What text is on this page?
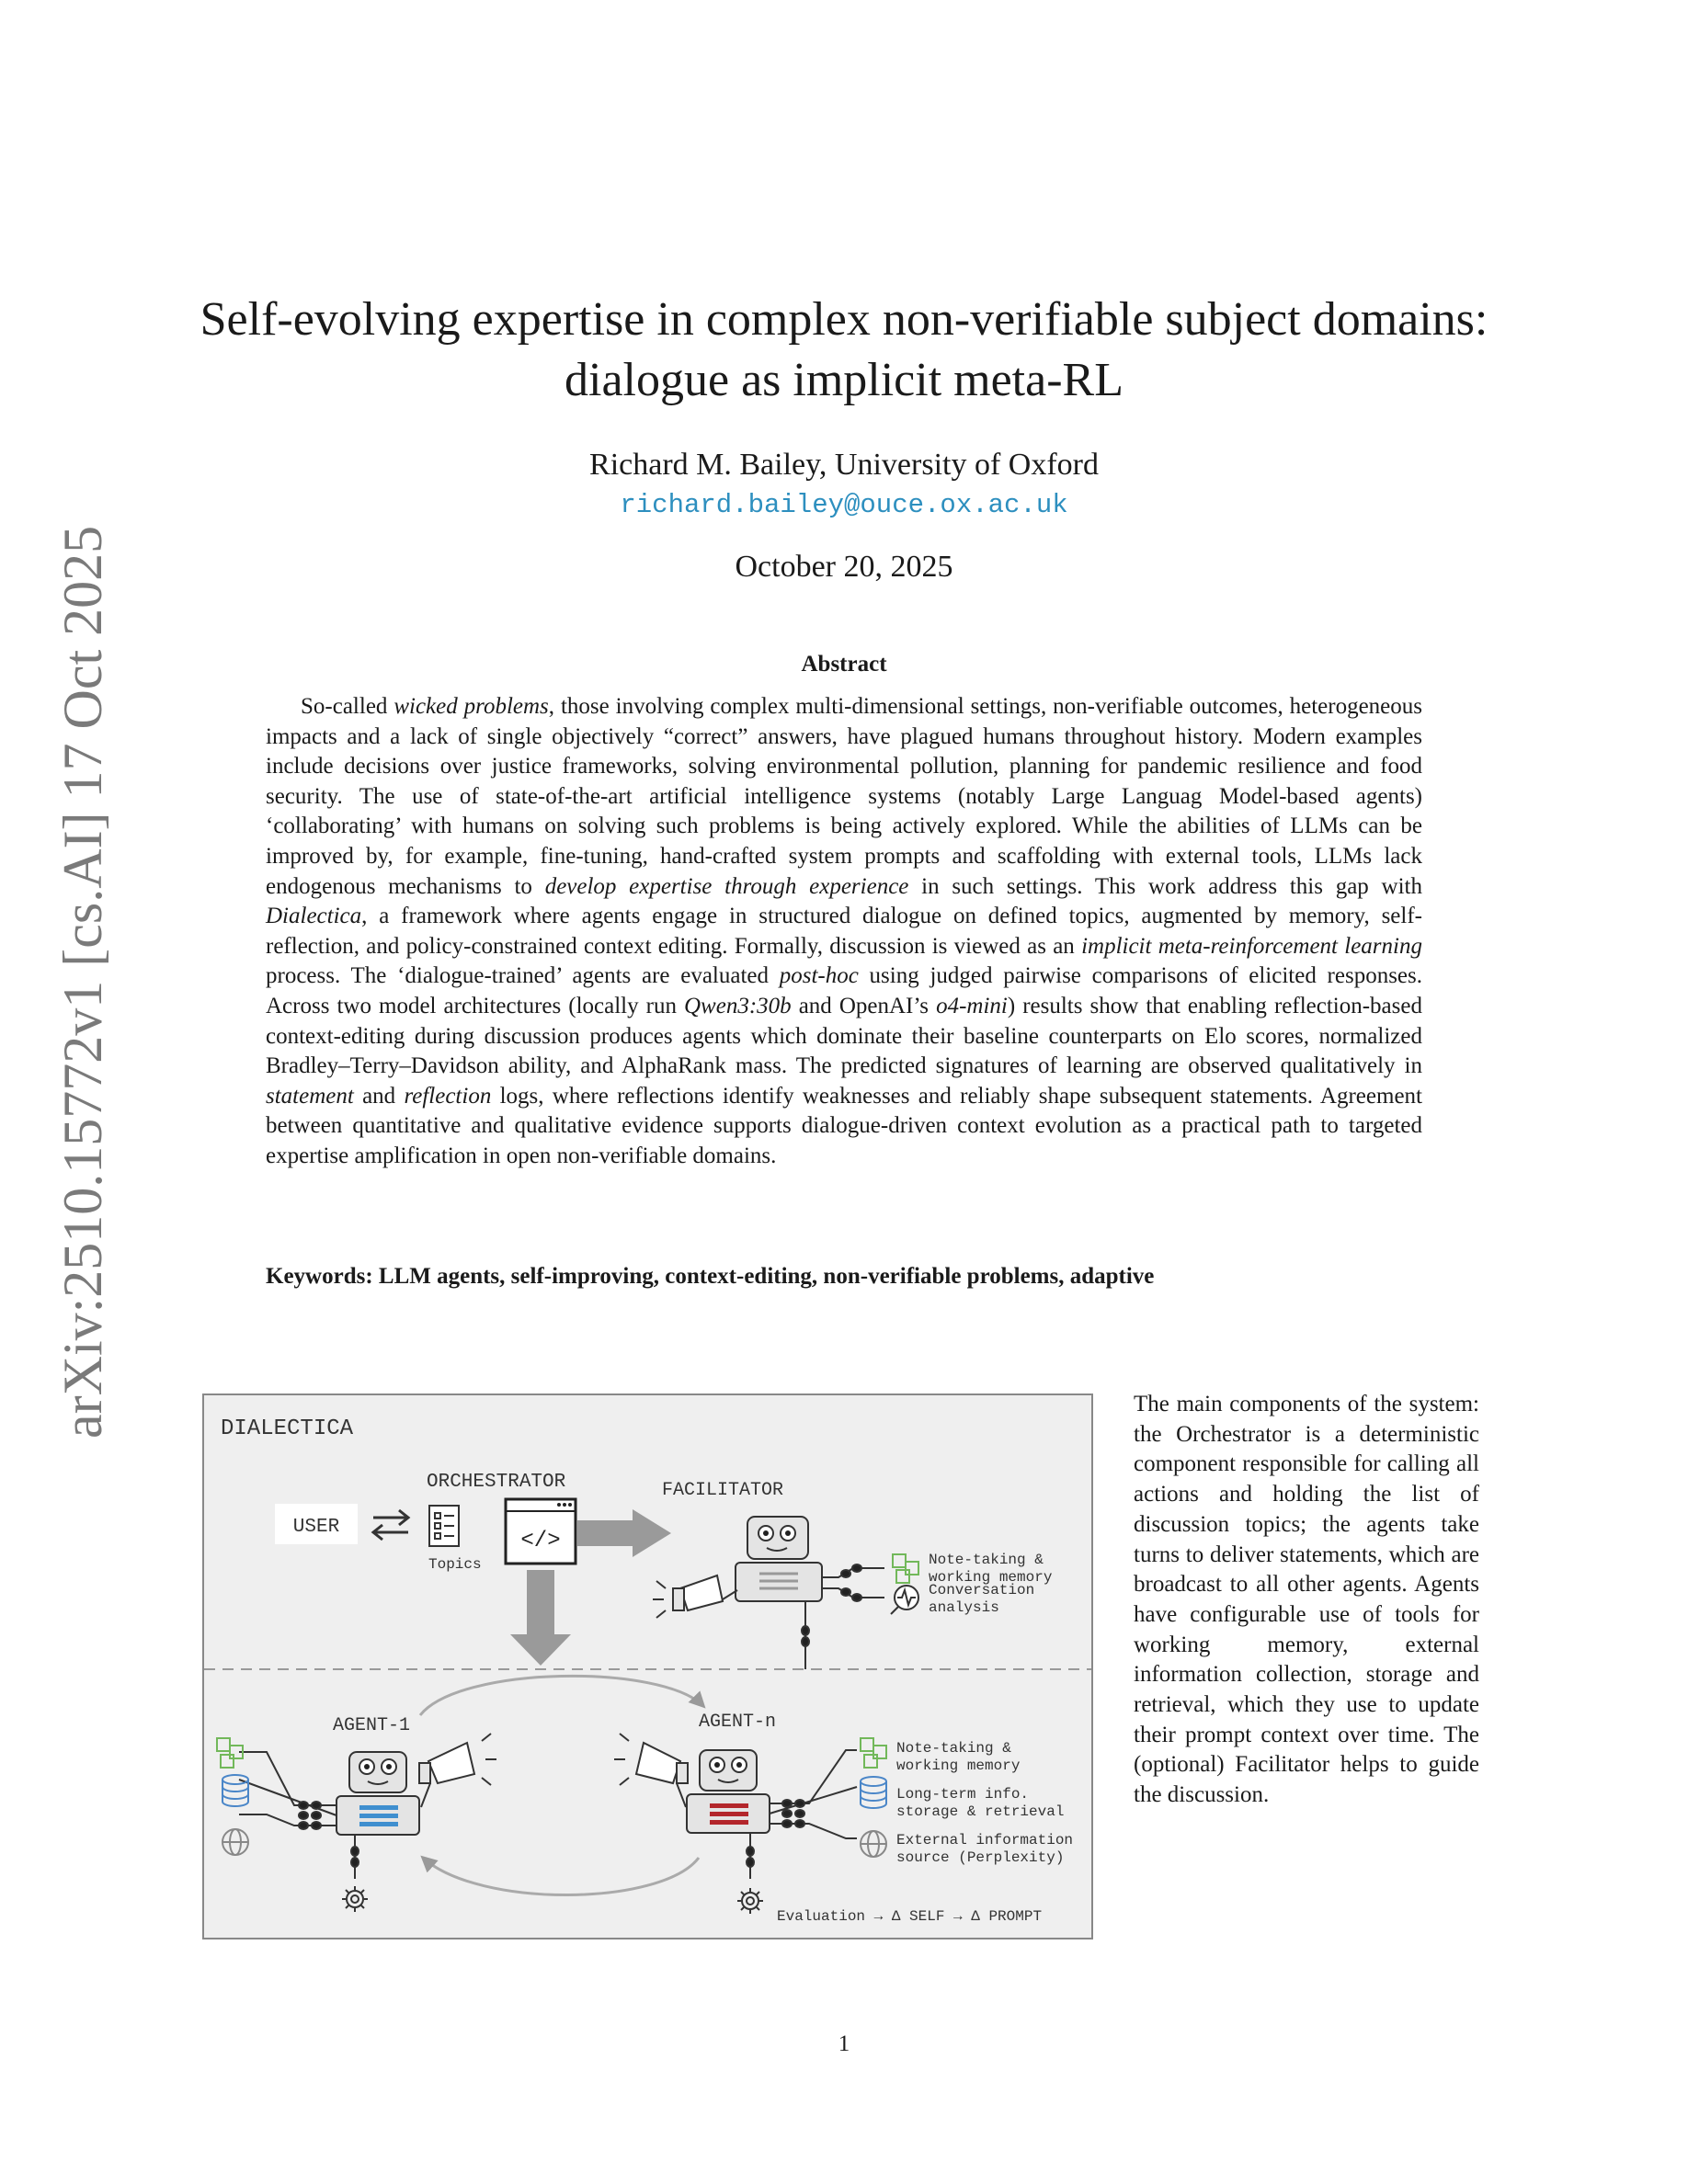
arXiv:2510.15772v1 [cs.AI] 17 Oct 2025
Self-evolving expertise in complex non-verifiable subject domains: dialogue as implicit meta-RL
Richard M. Bailey, University of Oxford
richard.bailey@ouce.ox.ac.uk
October 20, 2025
Abstract

So-called wicked problems, those involving complex multi-dimensional settings, non-verifiable outcomes, heterogeneous impacts and a lack of single objectively “correct” answers, have plagued humans throughout history. Modern examples include decisions over justice frameworks, solving environmental pollution, planning for pandemic resilience and food security. The use of state-of-the-art artificial intelligence systems (notably Large Languag Model-based agents) ‘collaborating’ with humans on solving such problems is being actively explored. While the abilities of LLMs can be improved by, for example, fine-tuning, hand-crafted system prompts and scaffolding with external tools, LLMs lack endogenous mechanisms to develop expertise through experience in such settings. This work address this gap with Dialectica, a framework where agents engage in structured dialogue on defined topics, augmented by memory, self-reflection, and policy-constrained context editing. Formally, discussion is viewed as an implicit meta-reinforcement learning process. The ‘dialogue-trained’ agents are evaluated post-hoc using judged pairwise comparisons of elicited responses. Across two model architectures (locally run Qwen3:30b and OpenAI’s o4-mini) results show that enabling reflection-based context-editing during discussion produces agents which dominate their baseline counterparts on Elo scores, normalized Bradley–Terry–Davidson ability, and AlphaRank mass. The predicted signatures of learning are observed qualitatively in statement and reflection logs, where reflections identify weaknesses and reliably shape subsequent statements. Agreement between quantitative and qualitative evidence supports dialogue-driven context evolution as a practical path to targeted expertise amplification in open non-verifiable domains.

Keywords: LLM agents, self-improving, context-editing, non-verifiable problems, adaptive
DIALECTICA
USER
ORCHESTRATOR
Topics
</>
FACILITATOR
Note-taking &
working memory
Conversation
analysis
AGENT-1	AGENT-n
Note-taking &
working memory
Long-term info.
storage & retrieval
External information
source (Perplexity)
Evaluation → Δ SELF → Δ PROMPT

The main components of the system: the Orchestrator is a deterministic component responsible for calling all actions and holding the list of discussion topics; the agents take turns to deliver statements, which are broadcast to all other agents. Agents have configurable use of tools for working memory, external information collection, storage and retrieval, which they use to update their prompt context over time. The (optional) Facilitator helps to guide the discussion.

1
